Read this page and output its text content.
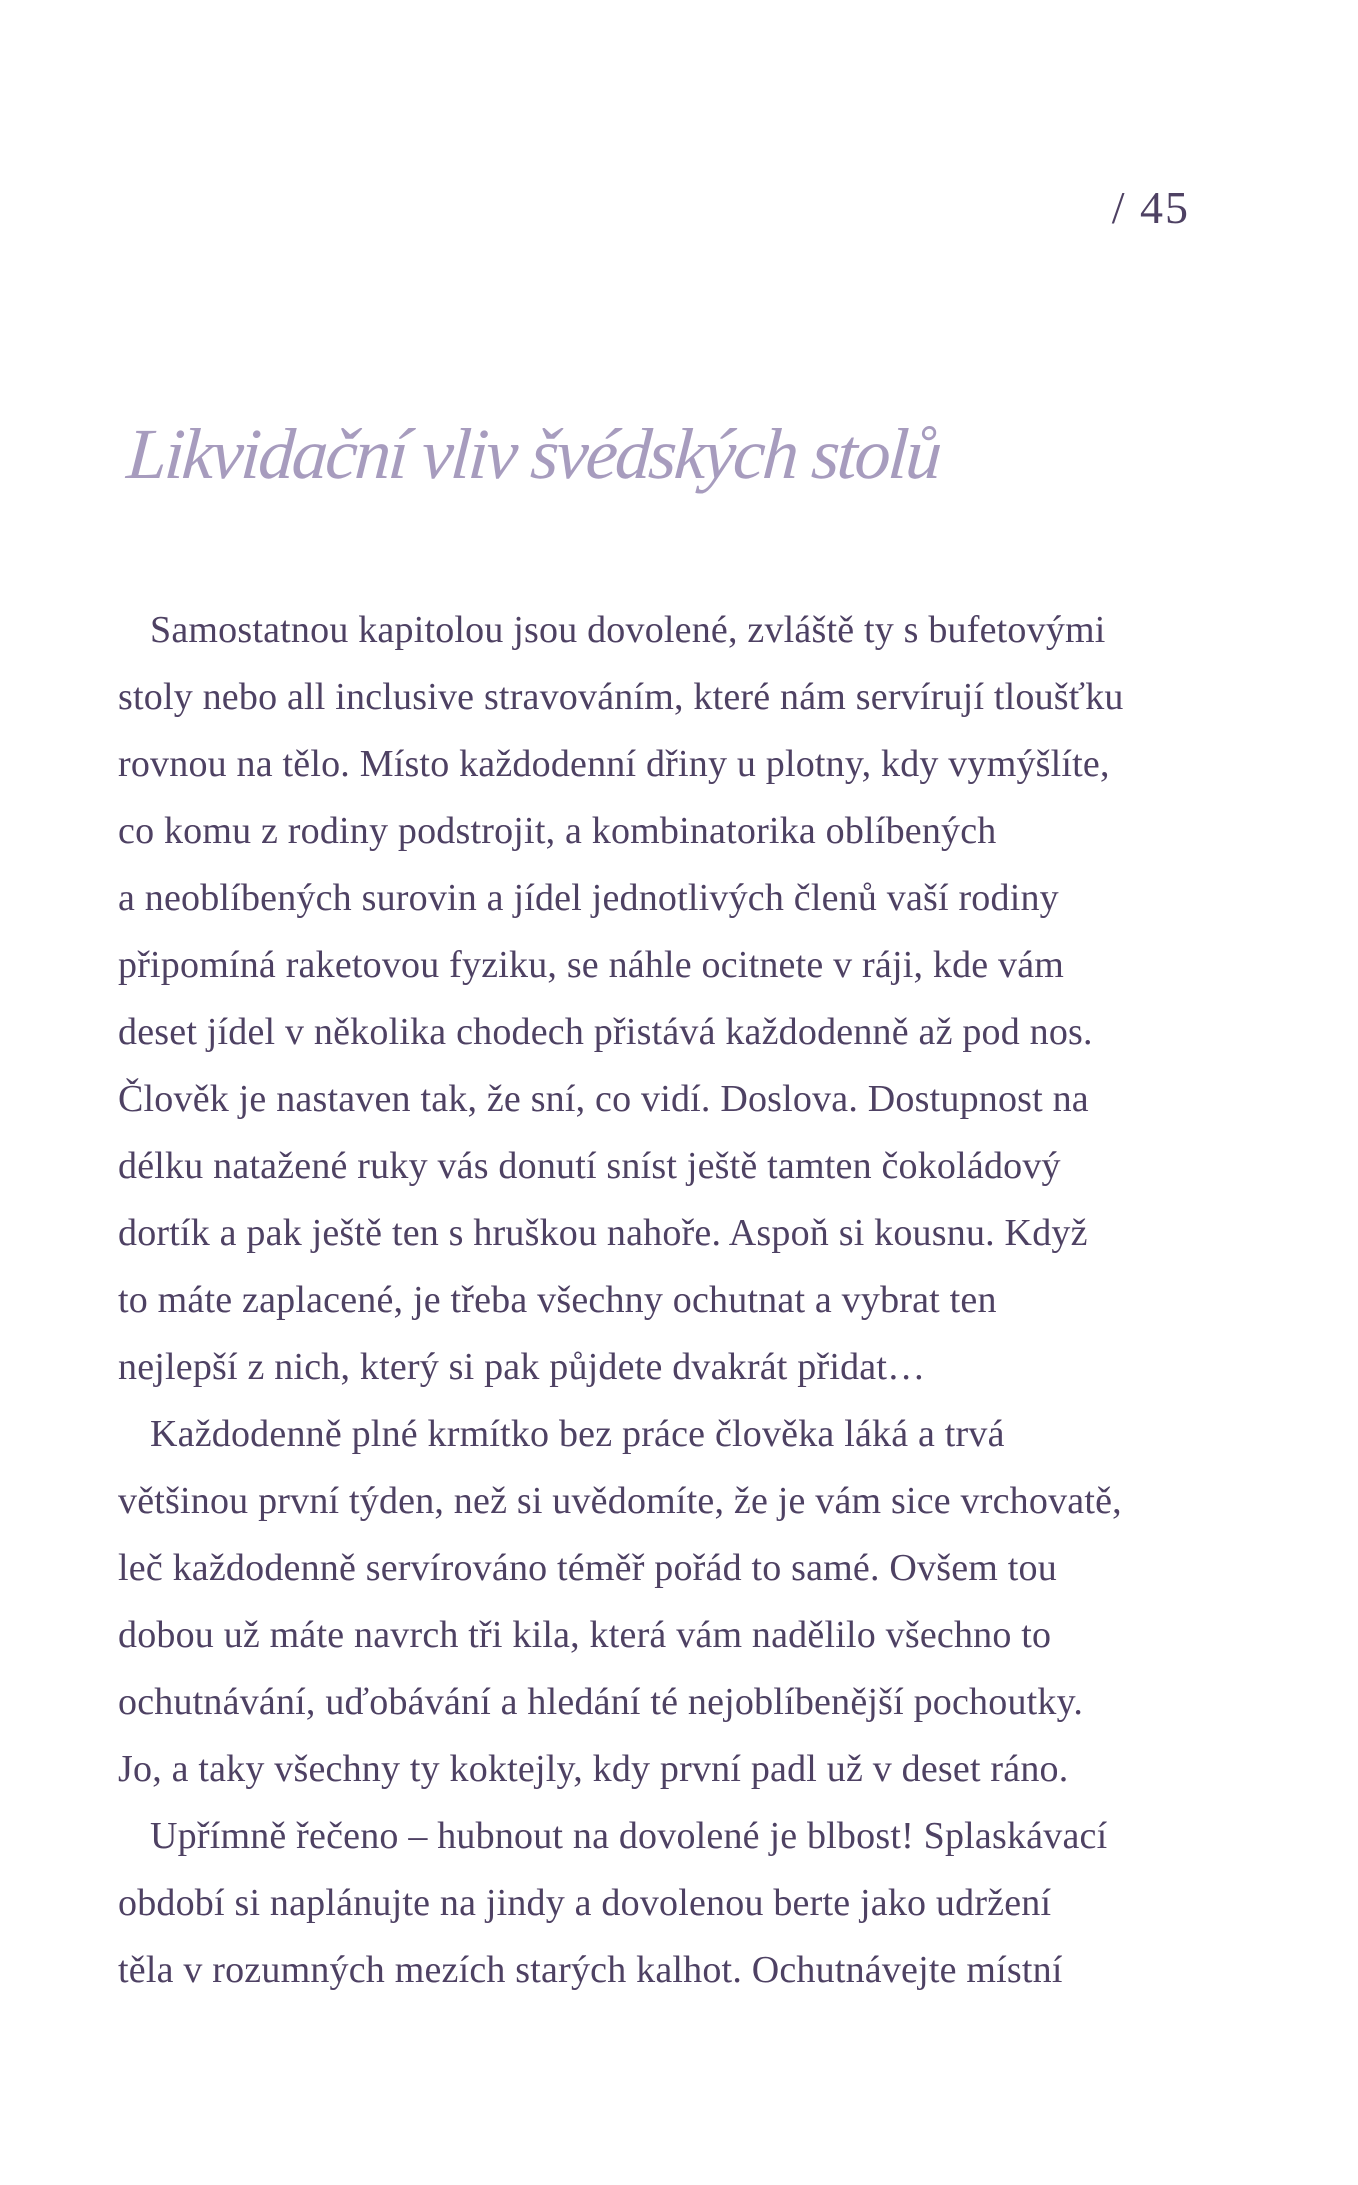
/ 45
Likvidační vliv švédských stolů

Samostatnou kapitolou jsou dovolené, zvláště ty s bufetovými
stoly nebo all inclusive stravováním, které nám servírují tloušťku
rovnou na tělo. Místo každodenní dřiny u plotny, kdy vymýšlíte,
co komu z rodiny podstrojit, a kombinatorika oblíbených
a neoblíbených surovin a jídel jednotlivých členů vaší rodiny
připomíná raketovou fyziku, se náhle ocitnete v ráji, kde vám
deset jídel v několika chodech přistává každodenně až pod nos.
Člověk je nastaven tak, že sní, co vidí. Doslova. Dostupnost na
délku natažené ruky vás donutí sníst ještě tamten čokoládový
dortík a pak ještě ten s hruškou nahoře. Aspoň si kousnu. Když
to máte zaplacené, je třeba všechny ochutnat a vybrat ten
nejlepší z nich, který si pak půjdete dvakrát přidat…

Každodenně plné krmítko bez práce člověka láká a trvá
většinou první týden, než si uvědomíte, že je vám sice vrchovatě,
leč každodenně servírováno téměř pořád to samé. Ovšem tou
dobou už máte navrch tři kila, která vám nadělilo všechno to
ochutnávání, uďobávání a hledání té nejoblíbenější pochoutky.
Jo, a taky všechny ty koktejly, kdy první padl už v deset ráno.

Upřímně řečeno – hubnout na dovolené je blbost! Splaskávací
období si naplánujte na jindy a dovolenou berte jako udržení
těla v rozumných mezích starých kalhot. Ochutnávejte místní
